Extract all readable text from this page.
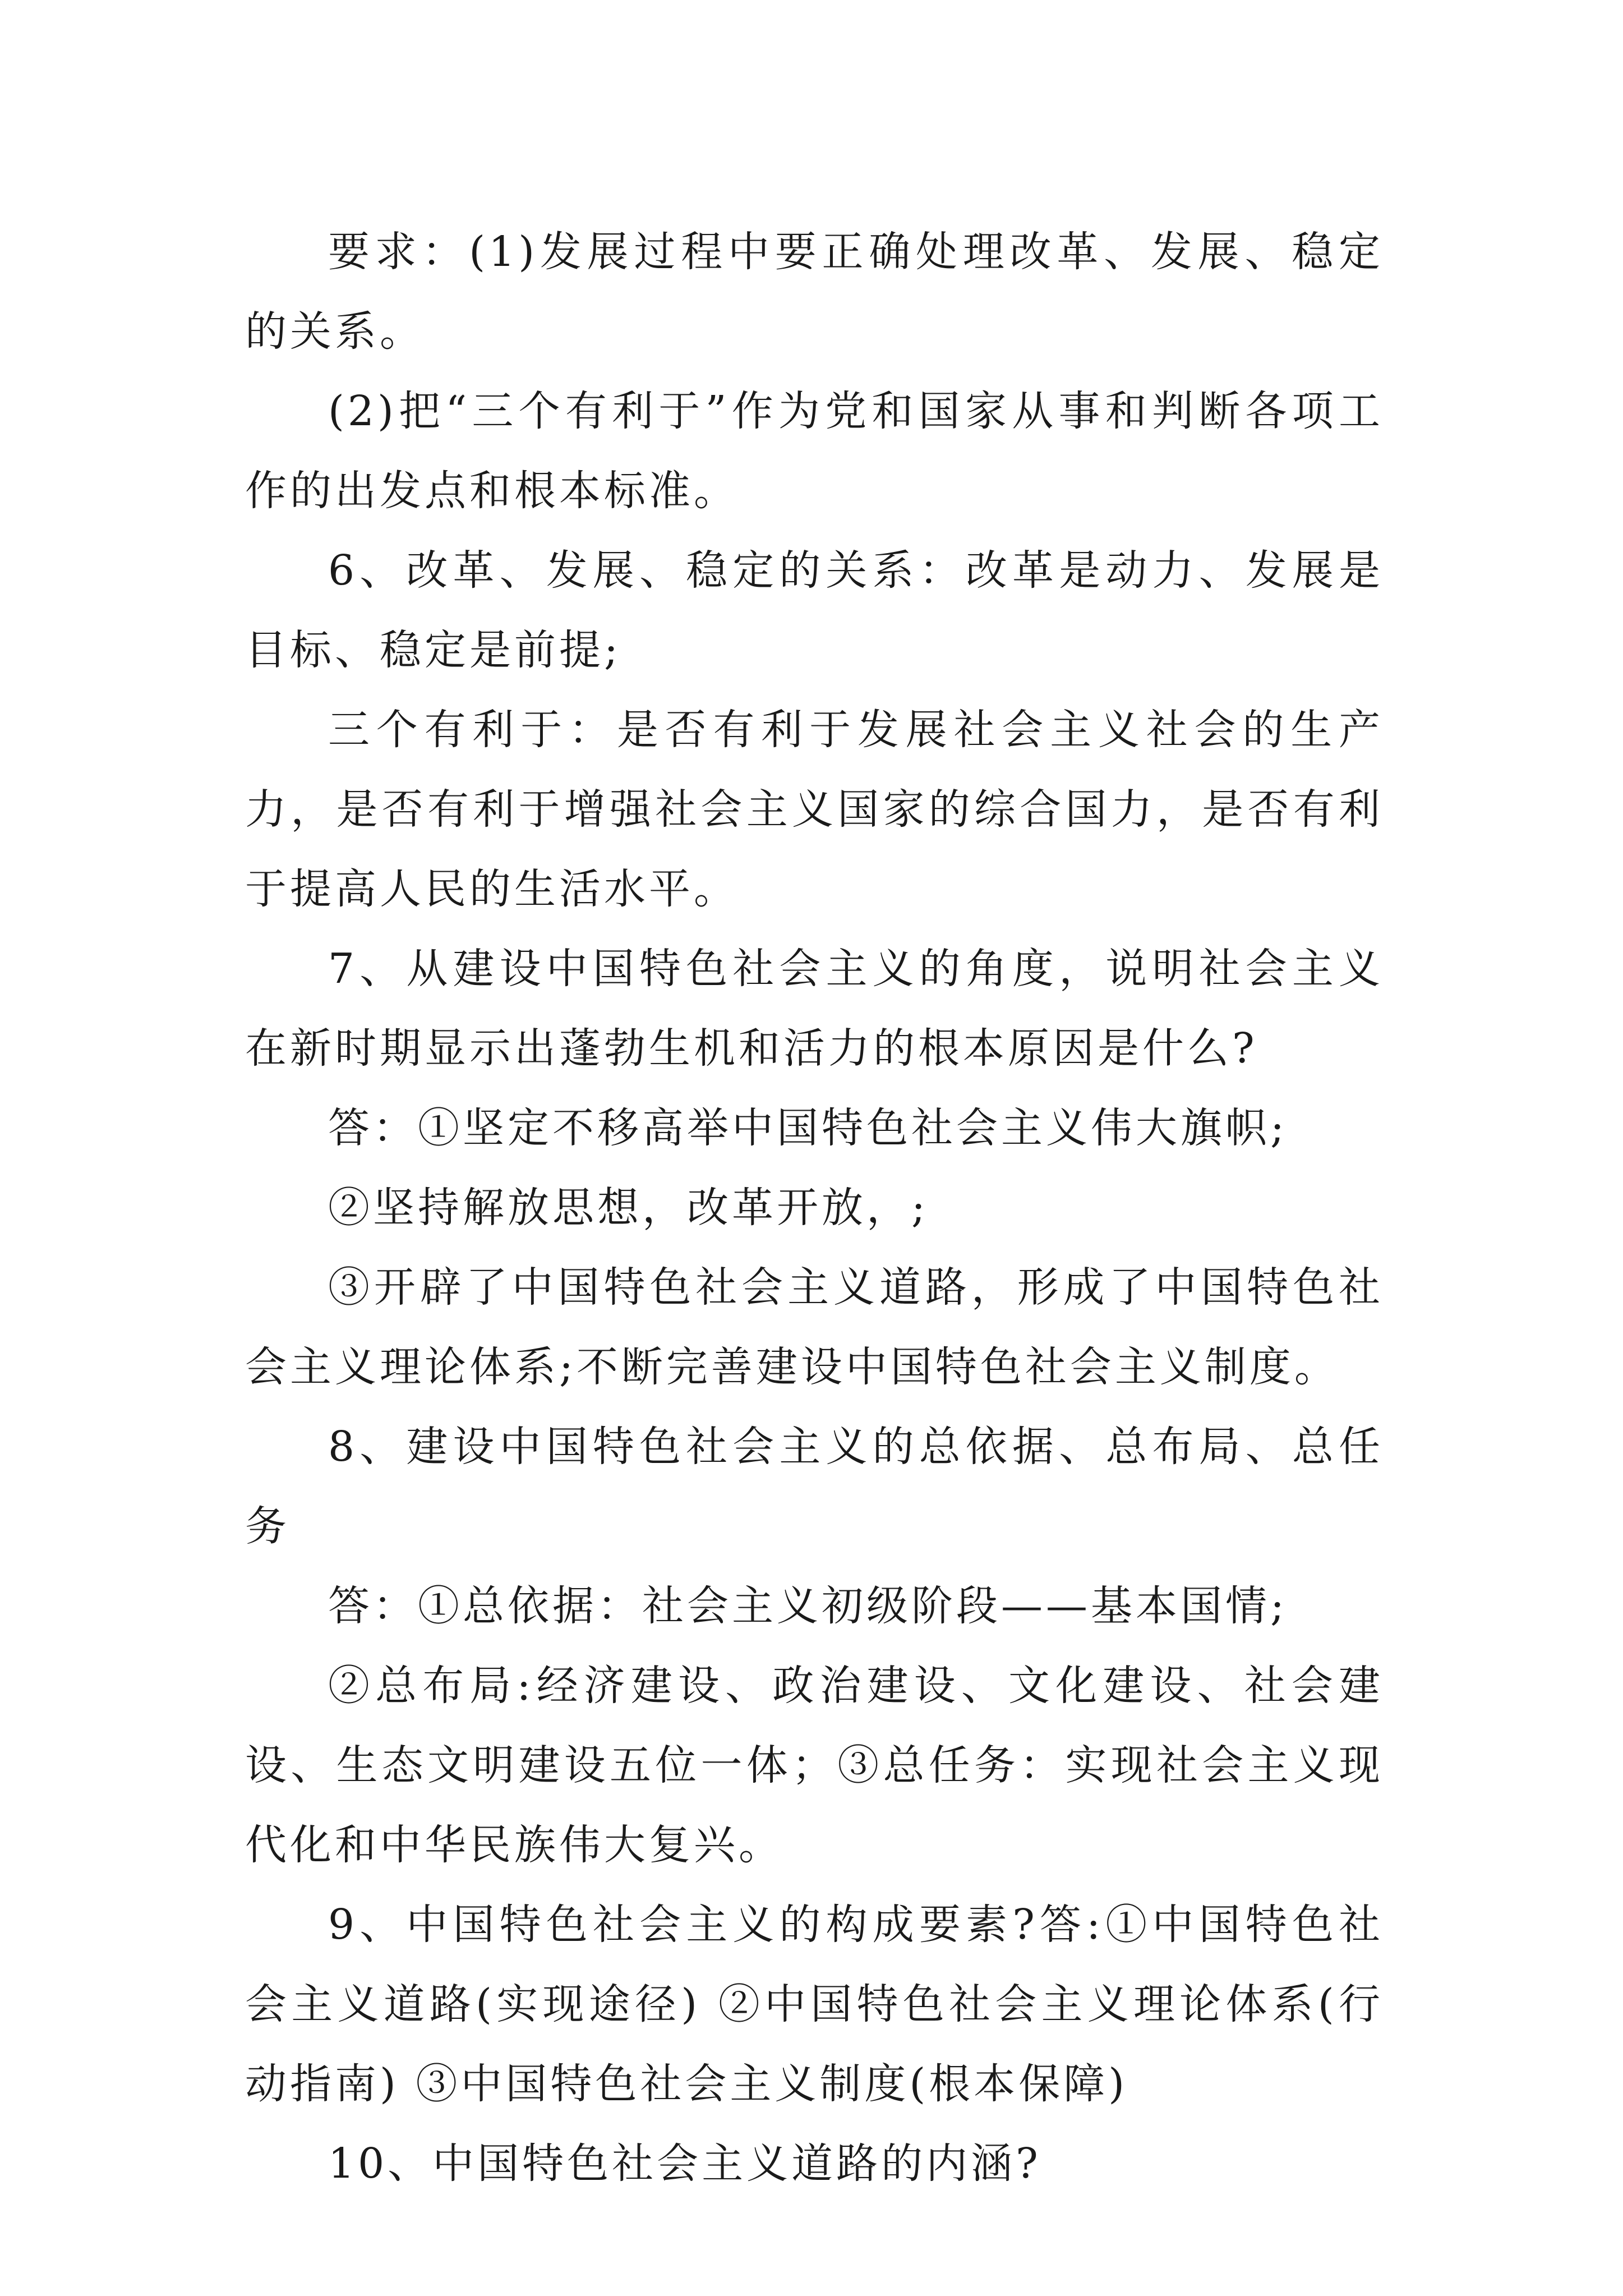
要求：(1)发展过程中要正确处理改革、发展、稳定的关系。

(2)把“三个有利于”作为党和国家从事和判断各项工作的出发点和根本标准。

6、改革、发展、稳定的关系：改革是动力、发展是目标、稳定是前提;

三个有利于：是否有利于发展社会主义社会的生产力，是否有利于增强社会主义国家的综合国力，是否有利于提高人民的生活水平。

7、从建设中国特色社会主义的角度，说明社会主义在新时期显示出蓬勃生机和活力的根本原因是什么?

答：①坚定不移高举中国特色社会主义伟大旗帜;

②坚持解放思想，改革开放，;

③开辟了中国特色社会主义道路，形成了中国特色社会主义理论体系;不断完善建设中国特色社会主义制度。

8、建设中国特色社会主义的总依据、总布局、总任务

答：①总依据：社会主义初级阶段——基本国情;

②总布局:经济建设、政治建设、文化建设、社会建设、生态文明建设五位一体；③总任务：实现社会主义现代化和中华民族伟大复兴。

9、中国特色社会主义的构成要素?答:①中国特色社会主义道路(实现途径) ②中国特色社会主义理论体系(行动指南) ③中国特色社会主义制度(根本保障)

10、中国特色社会主义道路的内涵?
